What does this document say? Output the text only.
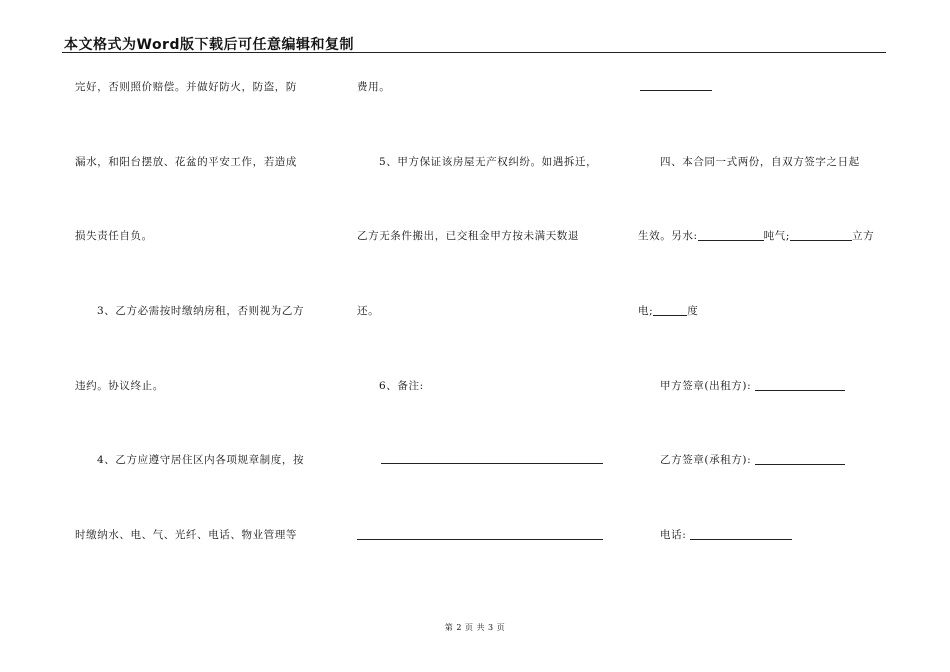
本文格式为Word版下载后可任意编辑和复制
完好，否则照价赔偿。并做好防火，防盗，防
漏水，和阳台摆放、花盆的平安工作，若造成
损失责任自负。
3、乙方必需按时缴纳房租，否则视为乙方
违约。协议终止。
4、乙方应遵守居住区内各项规章制度，按
时缴纳水、电、气、光纤、电话、物业管理等
费用。
5、甲方保证该房屋无产权纠纷。如遇拆迁，
乙方无条件搬出，已交租金甲方按未满天数退
还。
6、备注:
四、本合同一式两份，自双方签字之日起
生效。另水:	吨气;	立方
电;	度
甲方签章(出租方):
乙方签章(承租方):
电话:
第 2 页 共 3 页
